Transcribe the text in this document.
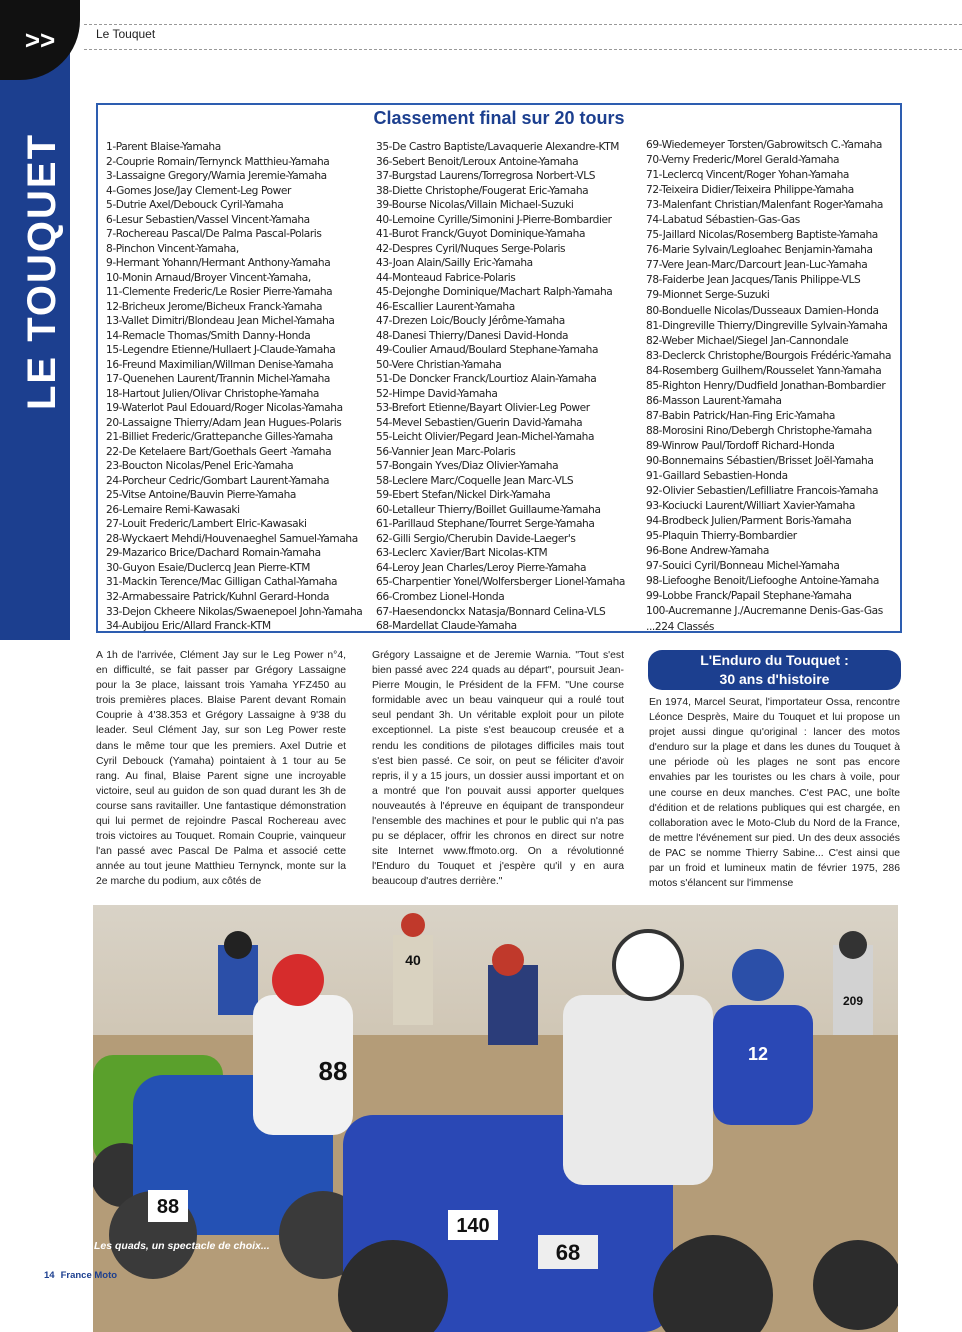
LE TOUQUET
>>	Le Touquet
Classement final sur 20 tours
1-Parent Blaise-Yamaha
2-Couprie Romain/Ternynck Matthieu-Yamaha
3-Lassaigne Gregory/Warnia Jeremie-Yamaha
4-Gomes Jose/Jay Clement-Leg Power
5-Dutrie Axel/Debouck Cyril-Yamaha
6-Lesur Sebastien/Vassel Vincent-Yamaha
7-Rochereau Pascal/De Palma Pascal-Polaris
8-Pinchon Vincent-Yamaha,
9-Hermant Yohann/Hermant Anthony-Yamaha
10-Monin Arnaud/Broyer Vincent-Yamaha,
11-Clemente Frederic/Le Rosier Pierre-Yamaha
12-Bricheux Jerome/Bicheux Franck-Yamaha
13-Vallet Dimitri/Blondeau Jean Michel-Yamaha
14-Remacle Thomas/Smith Danny-Honda
15-Legendre Etienne/Hullaert J-Claude-Yamaha
16-Freund Maximilian/Willman Denise-Yamaha
17-Quenehen Laurent/Trannin Michel-Yamaha
18-Hartout Julien/Olivar Christophe-Yamaha
19-Waterlot Paul Edouard/Roger Nicolas-Yamaha
20-Lassaigne Thierry/Adam Jean Hugues-Polaris
21-Billiet Frederic/Grattepanche Gilles-Yamaha
22-De Ketelaere Bart/Goethals Geert -Yamaha
23-Boucton Nicolas/Penel Eric-Yamaha
24-Porcheur Cedric/Gombart Laurent-Yamaha
25-Vitse Antoine/Bauvin Pierre-Yamaha
26-Lemaire Remi-Kawasaki
27-Louit Frederic/Lambert Elric-Kawasaki
28-Wyckaert Mehdi/Houvenaeghel Samuel-Yamaha
29-Mazarico Brice/Dachard Romain-Yamaha
30-Guyon Esaie/Duclercq Jean Pierre-KTM
31-Mackin Terence/Mac Gilligan Cathal-Yamaha
32-Armabessaire Patrick/Kuhnl Gerard-Honda
33-Dejon Ckheere Nikolas/Swaenepoel John-Yamaha
34-Aubijou Eric/Allard Franck-KTM
35-De Castro Baptiste/Lavaquerie Alexandre-KTM
36-Sebert Benoit/Leroux Antoine-Yamaha
37-Burgstad Laurens/Torregrosa Norbert-VLS
38-Diette Christophe/Fougerat Eric-Yamaha
39-Bourse Nicolas/Villain Michael-Suzuki
40-Lemoine Cyrille/Simonini J-Pierre-Bombardier
41-Burot Franck/Guyot Dominique-Yamaha
42-Despres Cyril/Nuques Serge-Polaris
43-Joan Alain/Sailly Eric-Yamaha
44-Monteaud Fabrice-Polaris
45-Dejonghe Dominique/Machart Ralph-Yamaha
46-Escallier Laurent-Yamaha
47-Drezen Loic/Boucly Jérôme-Yamaha
48-Danesi Thierry/Danesi David-Honda
49-Coulier Arnaud/Boulard Stephane-Yamaha
50-Vere Christian-Yamaha
51-De Doncker Franck/Lourtioz Alain-Yamaha
52-Himpe David-Yamaha
53-Brefort Etienne/Bayart Olivier-Leg Power
54-Mevel Sebastien/Guerin David-Yamaha
55-Leicht Olivier/Pegard Jean-Michel-Yamaha
56-Vannier Jean Marc-Polaris
57-Bongain Yves/Diaz Olivier-Yamaha
58-Leclere Marc/Coquelle Jean Marc-VLS
59-Ebert Stefan/Nickel Dirk-Yamaha
60-Letalleur Thierry/Boillet Guillaume-Yamaha
61-Parillaud Stephane/Tourret Serge-Yamaha
62-Gilli Sergio/Cherubin Davide-Laeger's
63-Leclerc Xavier/Bart Nicolas-KTM
64-Leroy Jean Charles/Leroy Pierre-Yamaha
65-Charpentier Yonel/Wolfersberger Lionel-Yamaha
66-Crombez Lionel-Honda
67-Haesendonckx Natasja/Bonnard Celina-VLS
68-Mardellat Claude-Yamaha
69-Wiedemeyer Torsten/Gabrowitsch C.-Yamaha
70-Verny Frederic/Morel Gerald-Yamaha
71-Leclercq Vincent/Roger Yohan-Yamaha
72-Teixeira Didier/Teixeira Philippe-Yamaha
73-Malenfant Christian/Malenfant Roger-Yamaha
74-Labatud Sébastien-Gas-Gas
75-Jaillard Nicolas/Rosemberg Baptiste-Yamaha
76-Marie Sylvain/Legloahec Benjamin-Yamaha
77-Vere Jean-Marc/Darcourt Jean-Luc-Yamaha
78-Faiderbe Jean Jacques/Tanis Philippe-VLS
79-Mionnet Serge-Suzuki
80-Bonduelle Nicolas/Dusseaux Damien-Honda
81-Dingreville Thierry/Dingreville Sylvain-Yamaha
82-Weber Michael/Siegel Jan-Cannondale
83-Declerck Christophe/Bourgois Frédéric-Yamaha
84-Rosemberg Guilhem/Rousselet Yann-Yamaha
85-Righton Henry/Dudfield Jonathan-Bombardier
86-Masson Laurent-Yamaha
87-Babin Patrick/Han-Fing Eric-Yamaha
88-Morosini Rino/Debergh Christophe-Yamaha
89-Winrow Paul/Tordoff Richard-Honda
90-Bonnemains Sébastien/Brisset Joël-Yamaha
91-Gaillard Sebastien-Honda
92-Olivier Sebastien/Lefilliatre Francois-Yamaha
93-Kociucki Laurent/Williart Xavier-Yamaha
94-Brodbeck Julien/Parment Boris-Yamaha
95-Plaquin Thierry-Bombardier
96-Bone Andrew-Yamaha
97-Souici Cyril/Bonneau Michel-Yamaha
98-Liefooghe Benoit/Liefooghe Antoine-Yamaha
99-Lobbe Franck/Papail Stephane-Yamaha
100-Aucremanne J./Aucremanne Denis-Gas-Gas
...224 Classés

A 1h de l'arrivée, Clément Jay sur le Leg Power n°4, en difficulté, se fait passer par Grégory Lassaigne pour la 3e place, laissant trois Yamaha YFZ450 au trois premières places. Blaise Parent devant Romain Couprie à 4'38.353 et Grégory Lassaigne à 9'38 du leader. Seul Clément Jay, sur son Leg Power reste dans le même tour que les premiers. Axel Dutrie et Cyril Debouck (Yamaha) pointaient à 1 tour au 5e rang. Au final, Blaise Parent signe une incroyable victoire, seul au guidon de son quad durant les 3h de course sans ravitailler. Une fantastique démonstration qui lui permet de rejoindre Pascal Rochereau avec trois victoires au Touquet. Romain Couprie, vainqueur l'an passé avec Pascal De Palma et associé cette année au tout jeune Matthieu Ternynck, monte sur la 2e marche du podium, aux côtés de

Grégory Lassaigne et de Jeremie Warnia. "Tout s'est bien passé avec 224 quads au départ", poursuit Jean-Pierre Mougin, le Président de la FFM. "Une course formidable avec un beau vainqueur qui a roulé tout seul pendant 3h. Un véritable exploit pour un pilote exceptionnel. La piste s'est beaucoup creusée et a rendu les conditions de pilotages difficiles mais tout s'est bien passé. Ce soir, on peut se féliciter d'avoir repris, il y a 15 jours, un dossier aussi important et on a montré que l'on pouvait aussi apporter quelques nouveautés à l'épreuve en équipant de transpondeur l'ensemble des machines et pour le public qui n'a pas pu se déplacer, offrir les chronos en direct sur notre site Internet www.ffmoto.org. On a révolutionné l'Enduro du Touquet et j'espère qu'il y en aura beaucoup d'autres derrière."

L'Enduro du Touquet :
30 ans d'histoire

En 1974, Marcel Seurat, l'importateur Ossa, rencontre Léonce Desprès, Maire du Touquet et lui propose un projet aussi dingue qu'original : lancer des motos d'enduro sur la plage et dans les dunes du Touquet à une période où les plages ne sont pas encore envahies par les touristes ou les chars à voile, pour une course en deux manches. C'est PAC, une boîte d'édition et de relations publiques qui est chargée, en collaboration avec le Moto-Club du Nord de la France, de mettre l'événement sur pied. Un des deux associés de PAC se nomme Thierry Sabine... C'est ainsi que par un froid et lumineux matin de février 1975, 286 motos s'élancent sur l'immense

88
40
68
88
140
209
12
Les quads, un spectacle de choix...
14 France Moto
